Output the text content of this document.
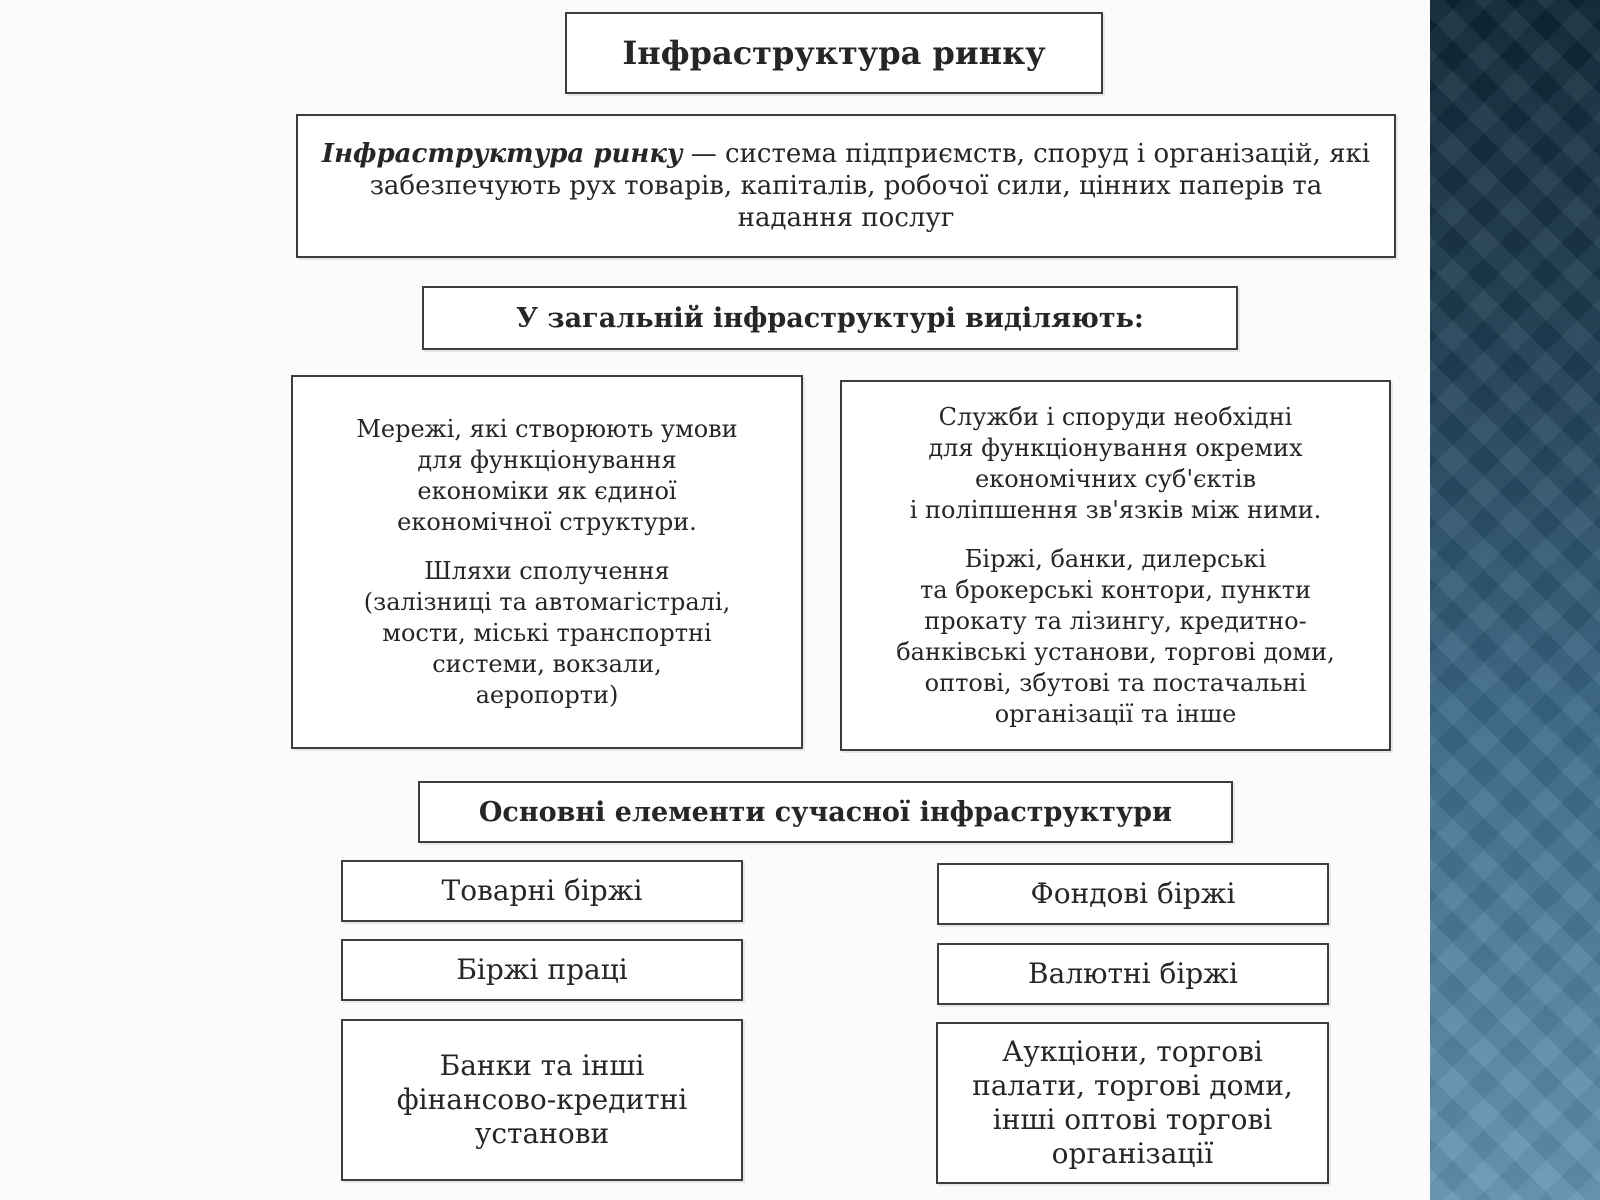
Інфраструктура ринку
Інфраструктура ринку — система підприємств, споруд і організацій, які забезпечують рух товарів, капіталів, робочої сили, цінних паперів та надання послуг
У загальній інфраструктурі виділяють:

Мережі, які створюють умови
для функціонування
економіки як єдиної
економічної структури.

Шляхи сполучення
(залізниці та автомагістралі,
мости, міські транспортні
системи, вокзали,
аеропорти)

Служби і споруди необхідні
для функціонування окремих
економічних суб'єктів
і поліпшення зв'язків між ними.

Біржі, банки, дилерські
та брокерські контори, пункти
прокату та лізингу, кредитно-
банківські установи, торгові доми,
оптові, збутові та постачальні
організації та інше

Основні елементи сучасної інфраструктури
Товарні біржі
Біржі праці
Банки та інші
фінансово-кредитні
установи
Фондові біржі
Валютні біржі
Аукціони, торгові
палати, торгові доми,
інші оптові торгові
організації
